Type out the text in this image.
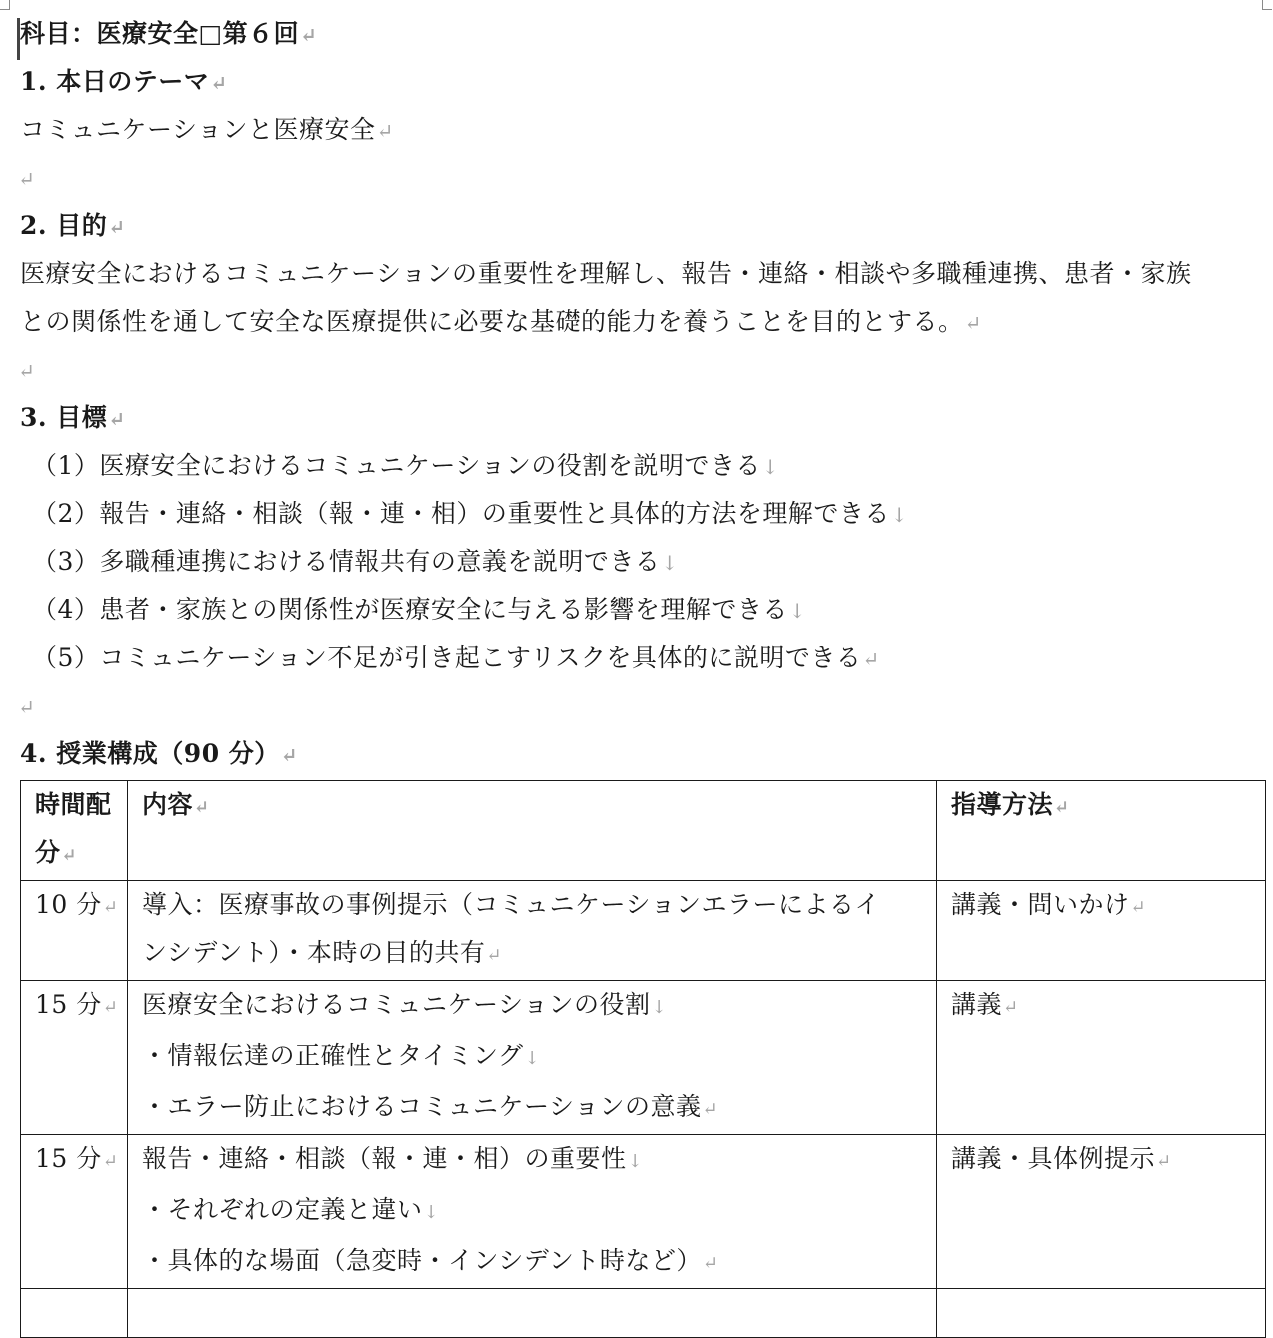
科目：医療安全□第６回↵
1. 本日のテーマ↵
コミュニケーションと医療安全↵
↵
2. 目的↵
医療安全におけるコミュニケーションの重要性を理解し、報告・連絡・相談や多職種連携、患者・家族
との関係性を通して安全な医療提供に必要な基礎的能力を養うことを目的とする。↵
↵
3. 目標↵
（1）医療安全におけるコミュニケーションの役割を説明できる↓
（2）報告・連絡・相談（報・連・相）の重要性と具体的方法を理解できる↓
（3）多職種連携における情報共有の意義を説明できる↓
（4）患者・家族との関係性が医療安全に与える影響を理解できる↓
（5）コミュニケーション不足が引き起こすリスクを具体的に説明できる↵
↵
4. 授業構成（90 分）↵
時間配分↵	内容↵	指導方法↵
10 分↵	導入：医療事故の事例提示（コミュニケーションエラーによるイ
ンシデント）・本時の目的共有↵	講義・問いかけ↵
15 分↵	医療安全におけるコミュニケーションの役割↓
・情報伝達の正確性とタイミング↓
・エラー防止におけるコミュニケーションの意義↵	講義↵
15 分↵	報告・連絡・相談（報・連・相）の重要性↓
・それぞれの定義と違い↓
・具体的な場面（急変時・インシデント時など）↵	講義・具体例提示↵
